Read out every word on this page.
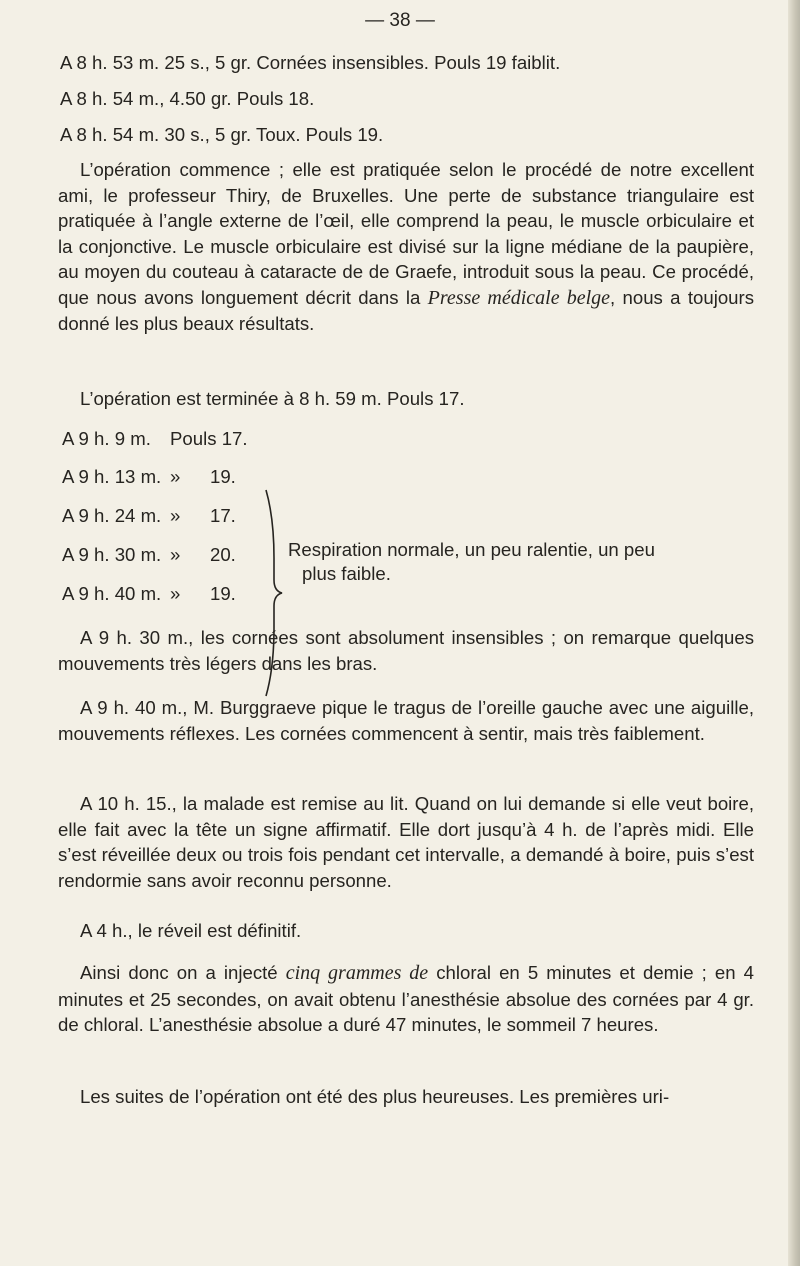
— 38 —
A 8 h. 53 m. 25 s., 5 gr. Cornées insensibles. Pouls 19 faiblit.
A 8 h. 54 m., 4.50 gr. Pouls 18.
A 8 h. 54 m. 30 s., 5 gr. Toux. Pouls 19.

L’opération commence ; elle est pratiquée selon le procédé de notre excellent ami, le professeur Thiry, de Bruxelles. Une perte de substance triangulaire est pratiquée à l’angle externe de l’œil, elle comprend la peau, le muscle orbiculaire et la conjonctive. Le muscle orbiculaire est divisé sur la ligne médiane de la paupière, au moyen du couteau à cataracte de de Graefe, introduit sous la peau. Ce procédé, que nous avons longuement décrit dans la Presse médicale belge, nous a toujours donné les plus beaux résultats.

L’opération est terminée à 8 h. 59 m. Pouls 17.
A 9 h. 9 m. Pouls 17.
A 9 h. 13 m. » 19.
A 9 h. 24 m. » 17.
A 9 h. 30 m. » 20.
A 9 h. 40 m. » 19.
Respiration normale, un peu ralentie, un peu
plus faible.

A 9 h. 30 m., les cornées sont absolument insensibles ; on remarque quelques mouvements très légers dans les bras.

A 9 h. 40 m., M. Burggraeve pique le tragus de l’oreille gauche avec une aiguille, mouvements réflexes. Les cornées commencent à sentir, mais très faiblement.

A 10 h. 15., la malade est remise au lit. Quand on lui demande si elle veut boire, elle fait avec la tête un signe affirmatif. Elle dort jusqu’à 4 h. de l’après midi. Elle s’est réveillée deux ou trois fois pendant cet intervalle, a demandé à boire, puis s’est rendormie sans avoir reconnu personne.

A 4 h., le réveil est définitif.

Ainsi donc on a injecté cinq grammes de chloral en 5 minutes et demie ; en 4 minutes et 25 secondes, on avait obtenu l’anesthésie absolue des cornées par 4 gr. de chloral. L’anesthésie absolue a duré 47 minutes, le sommeil 7 heures.

Les suites de l’opération ont été des plus heureuses. Les premières uri-
